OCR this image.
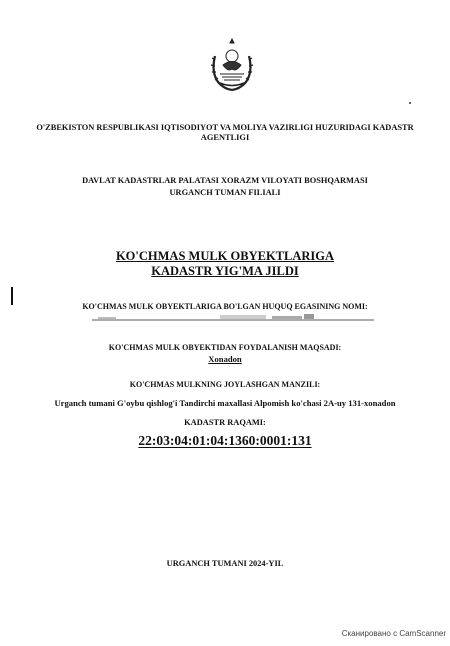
O'ZBEKISTON RESPUBLIKASI IQTISODIYOT VA MOLIYA VAZIRLIGI HUZURIDAGI KADASTR
AGENTLIGI
DAVLAT KADASTRLAR PALATASI XORAZM VILOYATI BOSHQARMASI
URGANCH TUMAN FILIALI
KO'CHMAS MULK OBYEKTLARIGA
KADASTR YIG'MA JILDI
KO'CHMAS MULK OBYEKTLARIGA BO'LGAN HUQUQ EGASINING NOMI:
KO'CHMAS MULK OBYEKTIDAN FOYDALANISH MAQSADI:
Xonadon
KO'CHMAS MULKNING JOYLASHGAN MANZILI:
Urganch tumani G'oybu qishlog'i Tandirchi maxallasi Alpomish ko'chasi 2A-uy 131-xonadon
KADASTR RAQAMI:
22:03:04:01:04:1360:0001:131
URGANCH TUMANI 2024-YIL
Сканировано с CamScanner
